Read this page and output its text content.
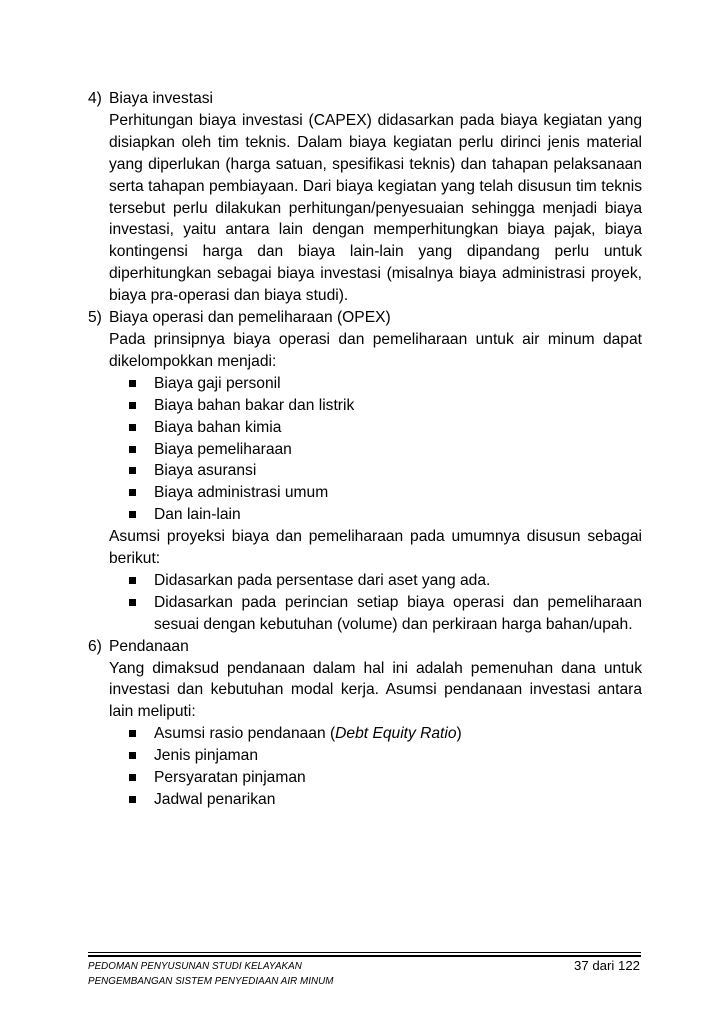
4) Biaya investasi
Perhitungan biaya investasi (CAPEX) didasarkan pada biaya kegiatan yang disiapkan oleh tim teknis. Dalam biaya kegiatan perlu dirinci jenis material yang diperlukan (harga satuan, spesifikasi teknis) dan tahapan pelaksanaan serta tahapan pembiayaan. Dari biaya kegiatan yang telah disusun tim teknis tersebut perlu dilakukan perhitungan/penyesuaian sehingga menjadi biaya investasi, yaitu antara lain dengan memperhitungkan biaya pajak, biaya kontingensi harga dan biaya lain-lain yang dipandang perlu untuk diperhitungkan sebagai biaya investasi (misalnya biaya administrasi proyek, biaya pra-operasi dan biaya studi).
5) Biaya operasi dan pemeliharaan (OPEX)
Pada prinsipnya biaya operasi dan pemeliharaan untuk air minum dapat dikelompokkan menjadi:
Biaya gaji personil
Biaya bahan bakar dan listrik
Biaya bahan kimia
Biaya pemeliharaan
Biaya asuransi
Biaya administrasi umum
Dan lain-lain
Asumsi proyeksi biaya dan pemeliharaan pada umumnya disusun sebagai berikut:
Didasarkan pada persentase dari aset yang ada.
Didasarkan pada perincian setiap biaya operasi dan pemeliharaan sesuai dengan kebutuhan (volume) dan perkiraan harga bahan/upah.
6) Pendanaan
Yang dimaksud pendanaan dalam hal ini adalah pemenuhan dana untuk investasi dan kebutuhan modal kerja. Asumsi pendanaan investasi antara lain meliputi:
Asumsi rasio pendanaan (Debt Equity Ratio)
Jenis pinjaman
Persyaratan pinjaman
Jadwal penarikan
PEDOMAN PENYUSUNAN STUDI KELAYAKAN
PENGEMBANGAN SISTEM PENYEDIAAN AIR MINUM
37 dari 122
